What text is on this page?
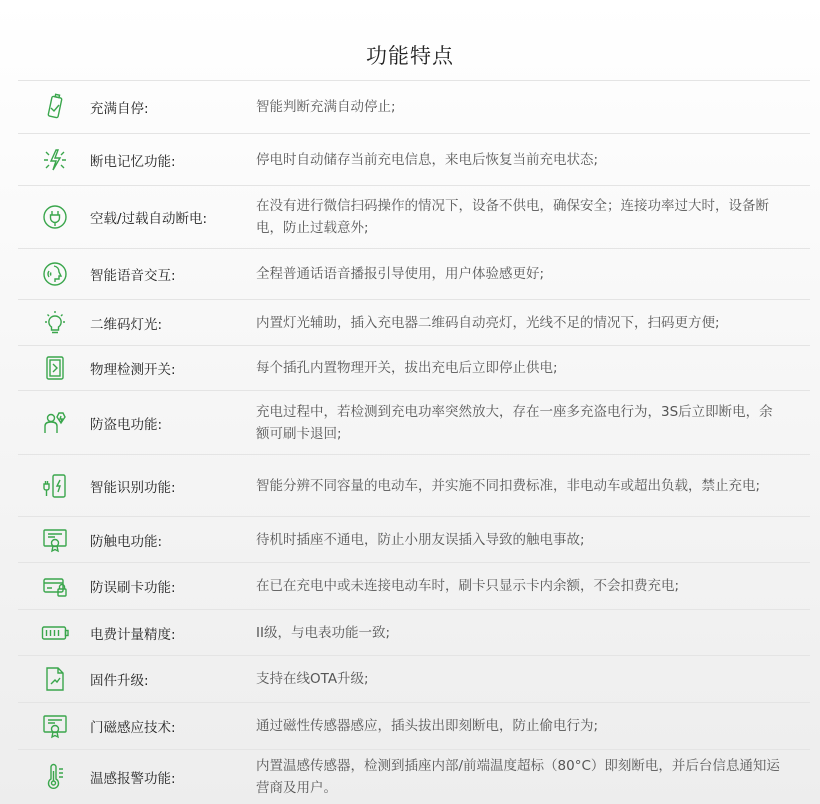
功能特点
充满自停:	智能判断充满自动停止;
断电记忆功能:	停电时自动储存当前充电信息，来电后恢复当前充电状态;
空载/过载自动断电:
在没有进行微信扫码操作的情况下，设备不供电，确保安全；连接功率过大时，设备断电，防止过载意外;
智能语音交互:	全程普通话语音播报引导使用，用户体验感更好;
二维码灯光:	内置灯光辅助，插入充电器二维码自动亮灯，光线不足的情况下，扫码更方便;
物理检测开关:	每个插孔内置物理开关，拔出充电后立即停止供电;
防盗电功能:
充电过程中，若检测到充电功率突然放大，存在一座多充盗电行为，3S后立即断电，余额可刷卡退回;
智能识别功能:	智能分辨不同容量的电动车，并实施不同扣费标准，非电动车或超出负载，禁止充电;
防触电功能:	待机时插座不通电，防止小朋友误插入导致的触电事故;
防误刷卡功能:	在已在充电中或未连接电动车时，刷卡只显示卡内余额，不会扣费充电;
电费计量精度:	II级，与电表功能一致;
固件升级:	支持在线OTA升级;
门磁感应技术:	通过磁性传感器感应，插头拔出即刻断电，防止偷电行为;
温感报警功能:
内置温感传感器，检测到插座内部/前端温度超标（80°C）即刻断电，并后台信息通知运营商及用户。
